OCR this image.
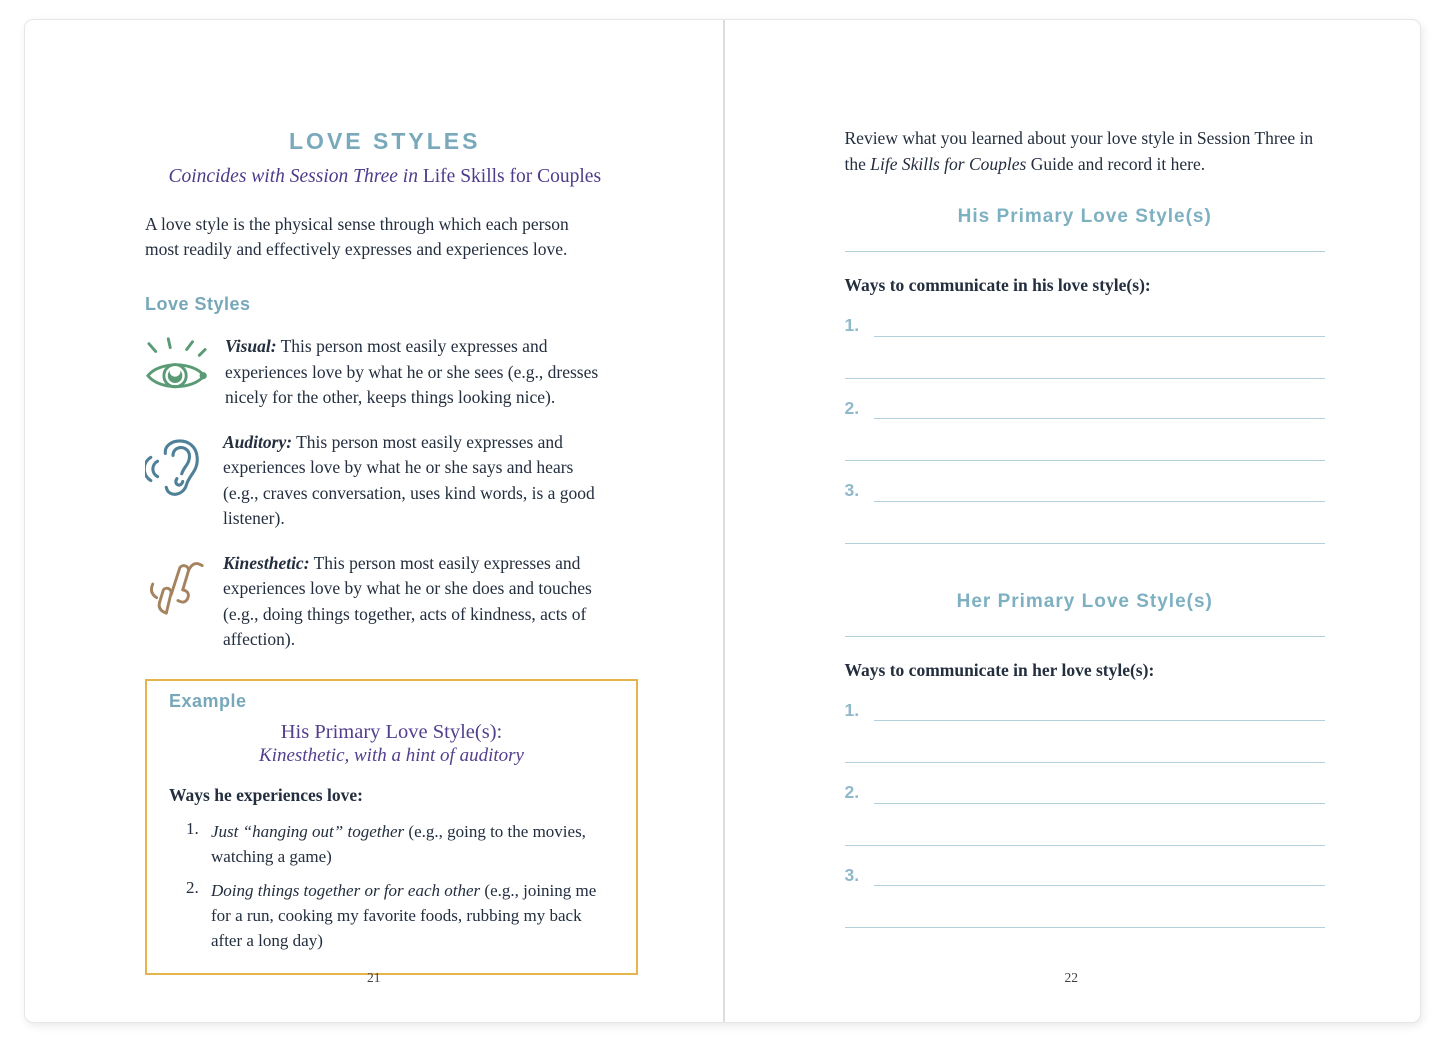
LOVE STYLES
Coincides with Session Three in Life Skills for Couples
A love style is the physical sense through which each person most readily and effectively expresses and experiences love.
Love Styles
Visual: This person most easily expresses and experiences love by what he or she sees (e.g., dresses nicely for the other, keeps things looking nice).
Auditory: This person most easily expresses and experiences love by what he or she says and hears (e.g., craves conversation, uses kind words, is a good listener).
Kinesthetic: This person most easily expresses and experiences love by what he or she does and touches (e.g., doing things together, acts of kindness, acts of affection).
Example
His Primary Love Style(s):
Kinesthetic, with a hint of auditory
Ways he experiences love:
1. Just “hanging out” together (e.g., going to the movies, watching a game)
2. Doing things together or for each other (e.g., joining me for a run, cooking my favorite foods, rubbing my back after a long day)
21
Review what you learned about your love style in Session Three in the Life Skills for Couples Guide and record it here.
His Primary Love Style(s)
Ways to communicate in his love style(s):
1.
2.
3.
Her Primary Love Style(s)
Ways to communicate in her love style(s):
1.
2.
3.
22
